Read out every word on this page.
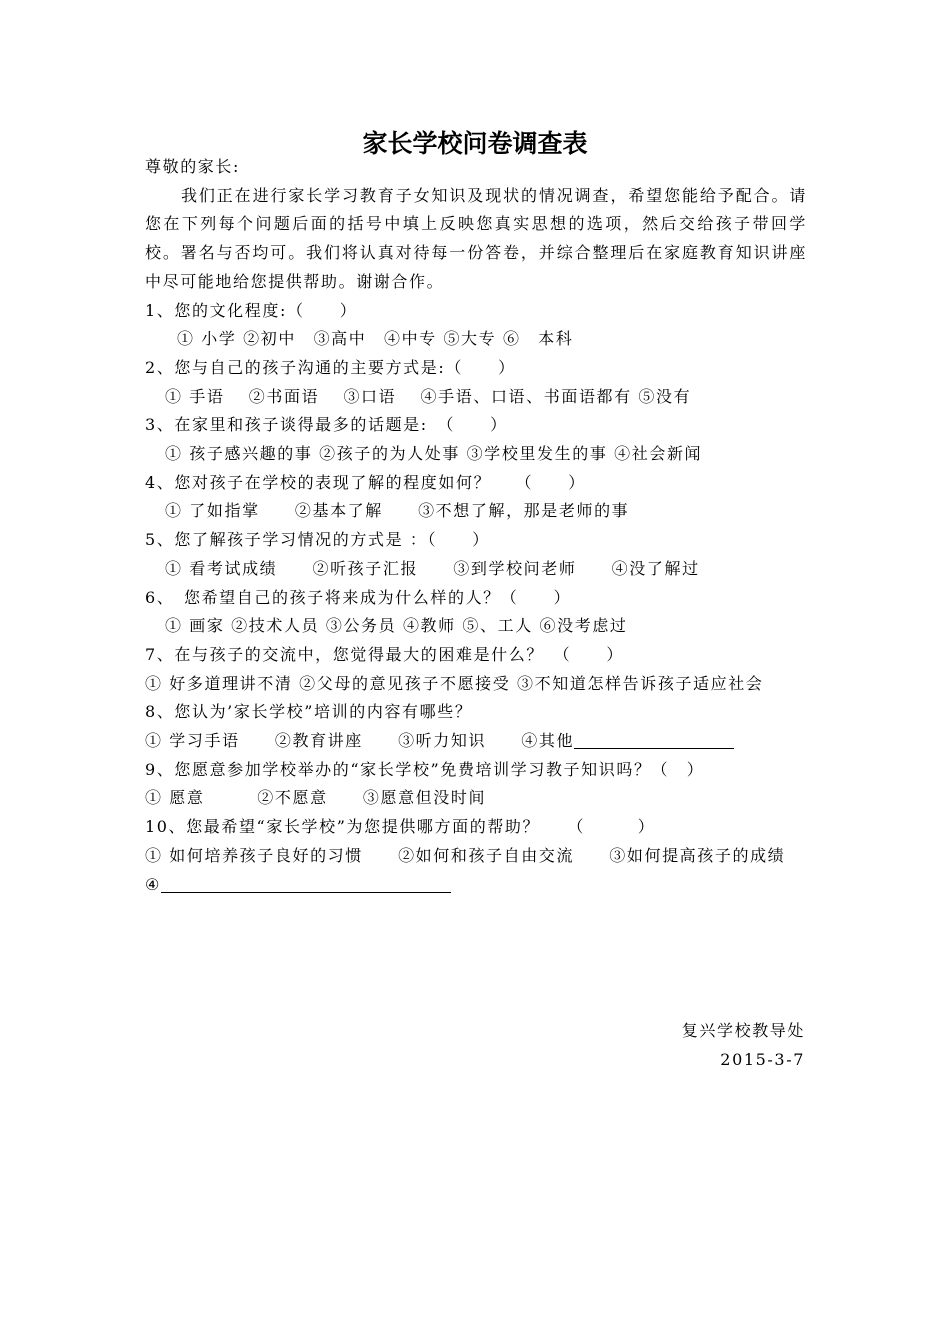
家长学校问卷调查表

尊敬的家长:

我们正在进行家长学习教育子女知识及现状的情况调查，希望您能给予配合。请您在下列每个问题后面的括号中填上反映您真实思想的选项，然后交给孩子带回学校。署名与否均可。我们将认真对待每一份答卷，并综合整理后在家庭教育知识讲座中尽可能地给您提供帮助。谢谢合作。

1、您的文化程度:（　　）

① 小学 ②初中　③高中　④中专 ⑤大专 ⑥　本科

2、您与自己的孩子沟通的主要方式是:（　　）

① 手语　 ②书面语　 ③口语　 ④手语、口语、书面语都有 ⑤没有

3、在家里和孩子谈得最多的话题是:　（　　）

① 孩子感兴趣的事 ②孩子的为人处事 ③学校里发生的事 ④社会新闻

4、您对孩子在学校的表现了解的程度如何？　 （　　）

① 了如指掌　　②基本了解　　③不想了解，那是老师的事

5、您了解孩子学习情况的方式是 ：（　　）

① 看考试成绩　　②听孩子汇报　　③到学校问老师　　④没了解过

6、　您希望自己的孩子将来成为什么样的人？（　　）

① 画家 ②技术人员 ③公务员 ④教师 ⑤、工人 ⑥没考虑过

7、在与孩子的交流中，您觉得最大的困难是什么？　（　　）

① 好多道理讲不清 ②父母的意见孩子不愿接受 ③不知道怎样告诉孩子适应社会

8、您认为’家长学校”培训的内容有哪些？

① 学习手语　　②教育讲座　　③听力知识　　④其他

9、您愿意参加学校举办的“家长学校”免费培训学习教子知识吗？（　）

① 愿意　　　②不愿意　　③愿意但没时间

10、您最希望“家长学校”为您提供哪方面的帮助？　　（　　　）

① 如何培养孩子良好的习惯　　②如何和孩子自由交流　　③如何提高孩子的成绩

④

复兴学校教导处
2015-3-7
